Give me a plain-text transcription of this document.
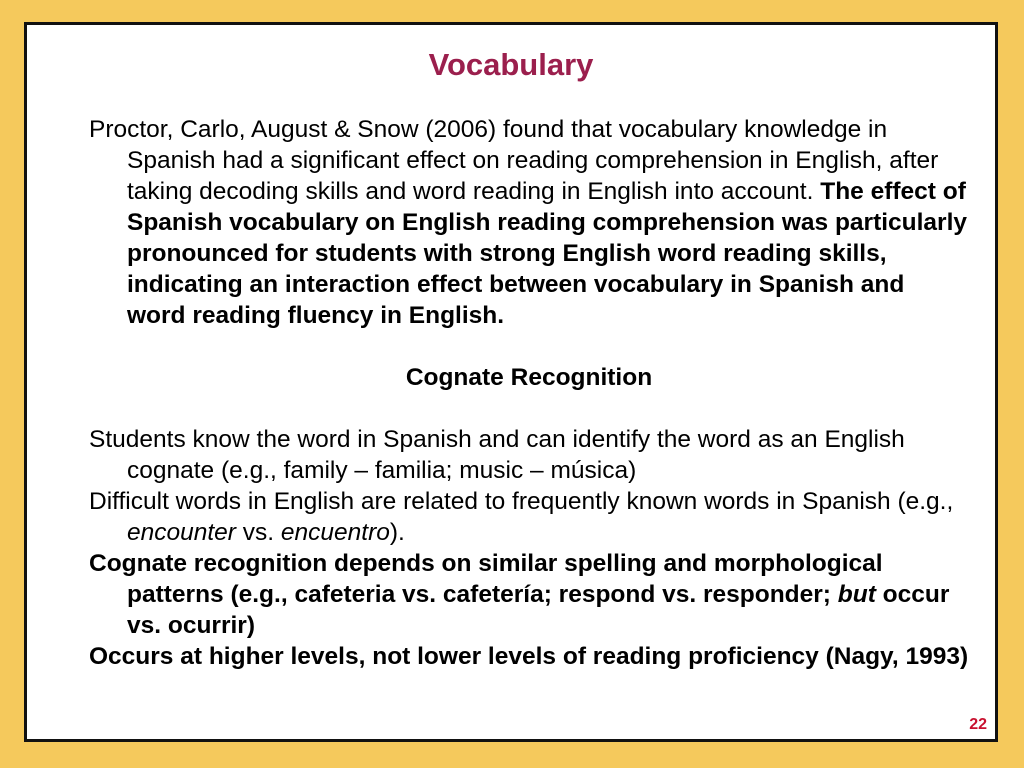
Vocabulary

Proctor, Carlo, August & Snow (2006) found that vocabulary knowledge in Spanish had a significant effect on reading comprehension in English, after taking decoding skills and word reading in English into account. The effect of Spanish vocabulary on English reading comprehension was particularly pronounced for students with strong English word reading skills, indicating an interaction effect between vocabulary in Spanish and word reading fluency in English.

Cognate Recognition

Students know the word in Spanish and can identify the word as an English cognate (e.g., family – familia; music – música)

Difficult words in English are related to frequently known words in Spanish (e.g., encounter vs. encuentro).

Cognate recognition depends on similar spelling and morphological patterns (e.g., cafeteria vs. cafetería; respond vs. responder; but occur vs. ocurrir)

Occurs at higher levels, not lower levels of reading proficiency (Nagy, 1993)

22
